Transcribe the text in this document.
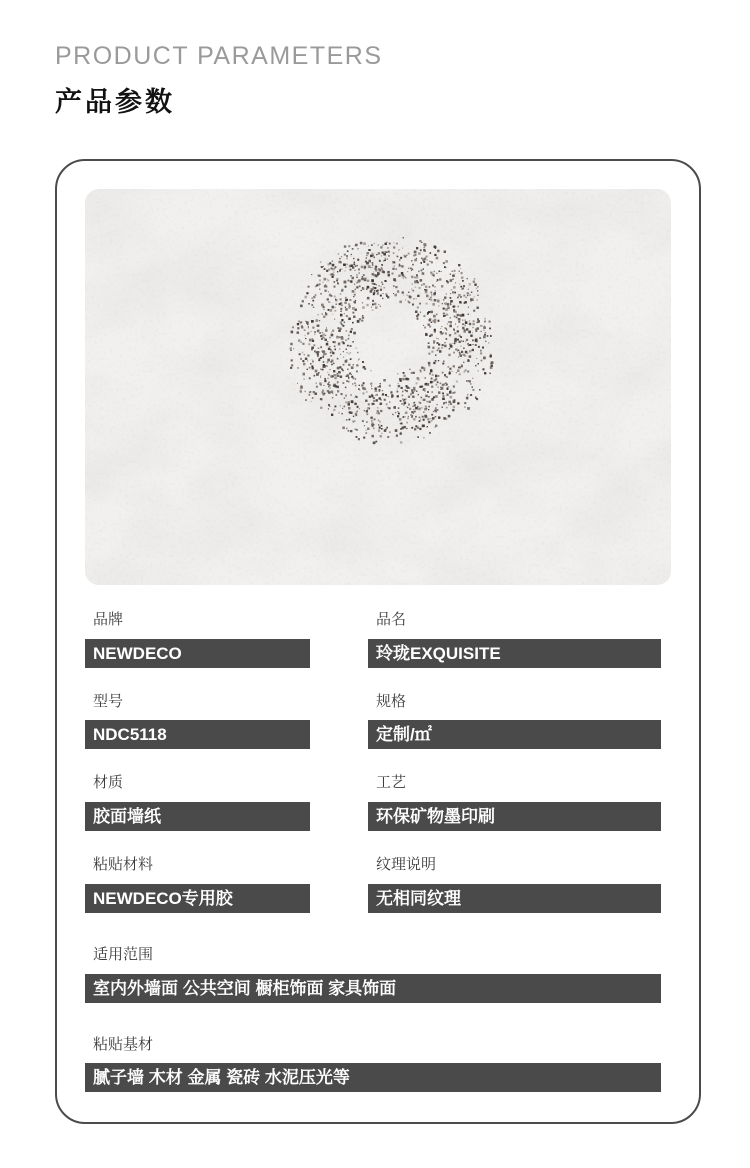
PRODUCT PARAMETERS
产品参数
品牌
NEWDECO
品名
玲珑EXQUISITE
型号
NDC5118
规格
定制/㎡
材质
胶面墙纸
工艺
环保矿物墨印刷
粘贴材料
NEWDECO专用胶
纹理说明
无相同纹理
适用范围
室内外墙面 公共空间 橱柜饰面 家具饰面
粘贴基材
腻子墙 木材 金属 瓷砖 水泥压光等
